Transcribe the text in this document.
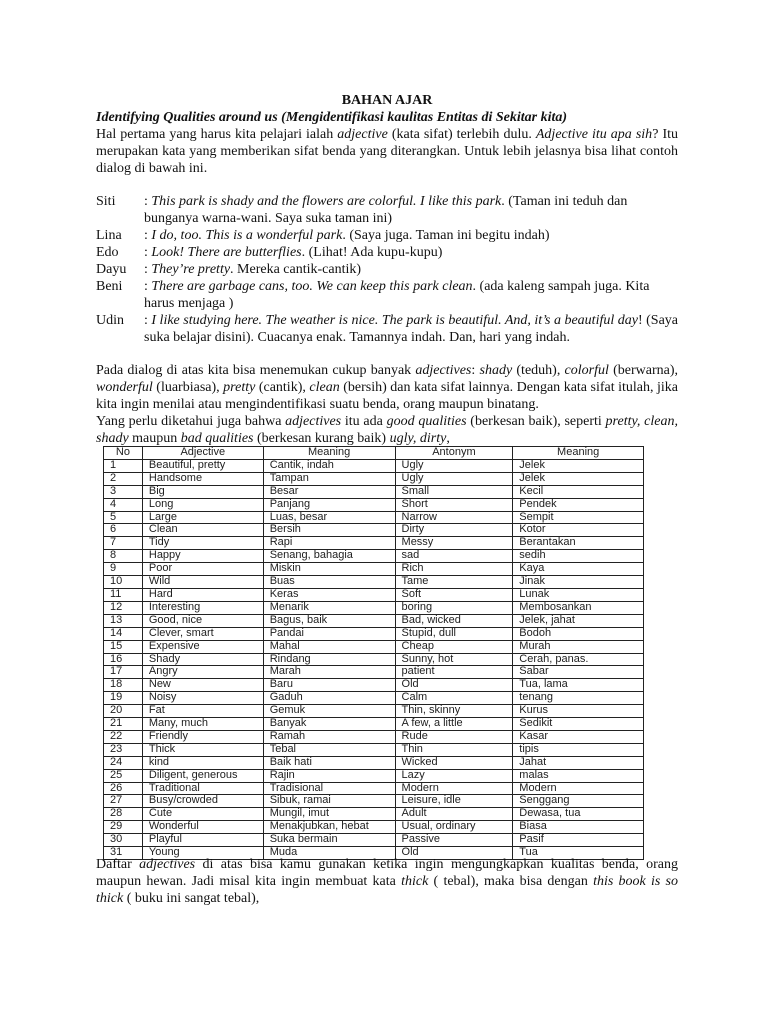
BAHAN AJAR
Identifying Qualities around us (Mengidentifikasi kaulitas Entitas di Sekitar kita)

Hal pertama yang harus kita pelajari ialah adjective (kata sifat) terlebih dulu. Adjective itu apa sih? Itu merupakan kata yang memberikan sifat benda yang diterangkan. Untuk lebih jelasnya bisa lihat contoh dialog di bawah ini.

Siti	: This park is shady and the flowers are colorful. I like this park. (Taman ini teduh dan bunganya warna-wani. Saya suka taman ini)
Lina	: I do, too. This is a wonderful park. (Saya juga. Taman ini begitu indah)
Edo	: Look! There are butterflies. (Lihat! Ada kupu-kupu)
Dayu	: They’re pretty. Mereka cantik-cantik)
Beni	: There are garbage cans, too. We can keep this park clean. (ada kaleng sampah juga. Kita harus menjaga )
Udin	: I like studying here. The weather is nice. The park is beautiful. And, it’s a beautiful day! (Saya suka belajar disini). Cuacanya enak. Tamannya indah. Dan, hari yang indah.

Pada dialog di atas kita bisa menemukan cukup banyak adjectives: shady (teduh), colorful (berwarna), wonderful (luarbiasa), pretty (cantik), clean (bersih) dan kata sifat lainnya. Dengan kata sifat itulah, jika kita ingin menilai atau mengindentifikasi suatu benda, orang maupun binatang.

Yang perlu diketahui juga bahwa adjectives itu ada good qualities (berkesan baik), seperti pretty, clean, shady maupun bad qualities (berkesan kurang baik) ugly, dirty,

No	Adjective	Meaning	Antonym	Meaning
1	Beautiful, pretty	Cantik, indah	Ugly	Jelek
2	Handsome	Tampan	Ugly	Jelek
3	Big	Besar	Small	Kecil
4	Long	Panjang	Short	Pendek
5	Large	Luas, besar	Narrow	Sempit
6	Clean	Bersih	Dirty	Kotor
7	Tidy	Rapi	Messy	Berantakan
8	Happy	Senang, bahagia	sad	sedih
9	Poor	Miskin	Rich	Kaya
10	Wild	Buas	Tame	Jinak
11	Hard	Keras	Soft	Lunak
12	Interesting	Menarik	boring	Membosankan
13	Good, nice	Bagus, baik	Bad, wicked	Jelek, jahat
14	Clever, smart	Pandai	Stupid, dull	Bodoh
15	Expensive	Mahal	Cheap	Murah
16	Shady	Rindang	Sunny, hot	Cerah, panas.
17	Angry	Marah	patient	Sabar
18	New	Baru	Old	Tua, lama
19	Noisy	Gaduh	Calm	tenang
20	Fat	Gemuk	Thin, skinny	Kurus
21	Many, much	Banyak	A few, a little	Sedikit
22	Friendly	Ramah	Rude	Kasar
23	Thick	Tebal	Thin	tipis
24	kind	Baik hati	Wicked	Jahat
25	Diligent, generous	Rajin	Lazy	malas
26	Traditional	Tradisional	Modern	Modern
27	Busy/crowded	Sibuk, ramai	Leisure, idle	Senggang
28	Cute	Mungil, imut	Adult	Dewasa, tua
29	Wonderful	Menakjubkan, hebat	Usual, ordinary	Biasa
30	Playful	Suka bermain	Passive	Pasif
31	Young	Muda	Old	Tua

Daftar adjectives di atas bisa kamu gunakan ketika ingin mengungkapkan kualitas benda, orang maupun hewan. Jadi misal kita ingin membuat kata thick ( tebal), maka bisa dengan this book is so thick ( buku ini sangat tebal),
